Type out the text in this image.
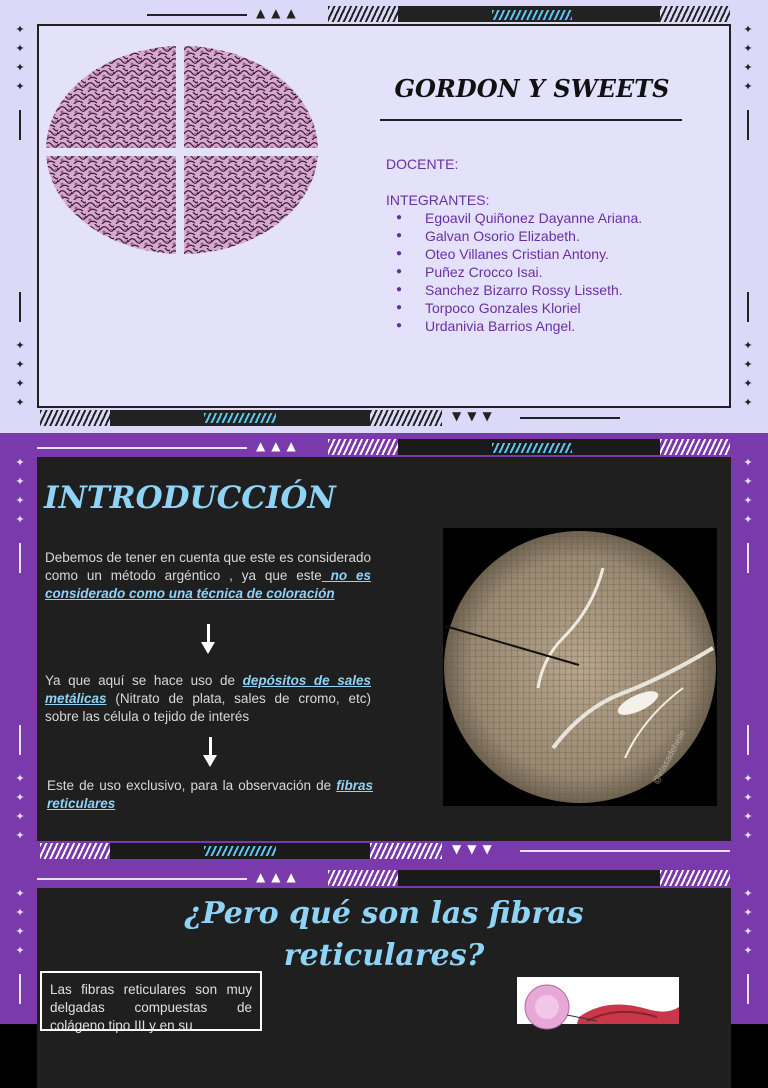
▲▲▲
▼▼▼
✦
✦
✦
✦
✦
✦
✦
✦
✦
✦
✦
✦
✦
✦
✦
✦
GORDON Y SWEETS
DOCENTE:
INTEGRANTES:
● Egoavil Quiñonez Dayanne Ariana.
● Galvan Osorio Elizabeth.
● Oteo Villanes Cristian Antony.
● Puñez Crocco Isai.
● Sanchez Bizarro Rossy Lisseth.
● Torpoco Gonzales Kloriel
● Urdanivia Barrios Angel.
▲▲▲
▼▼▼
✦
✦
✦
✦
✦
✦
✦
✦
✦
✦
✦
✦
✦
✦
✦
✦
INTRODUCCIÓN
Debemos de tener en cuenta que este es considerado como un método argéntico , ya que este no es considerado como una técnica de coloración
Ya que aquí se hace uso de depósitos de sales metálicas (Nitrato de plata, sales de cromo, etc) sobre las célula o tejido de interés
Este de uso exclusivo, para la observación de fibras reticulares
@elasadeheile
▲▲▲
✦
✦
✦
✦
✦
✦
✦
✦
¿Pero qué son las fibras
reticulares?
Las fibras reticulares son muy delgadas compuestas de colágeno tipo III y en su
